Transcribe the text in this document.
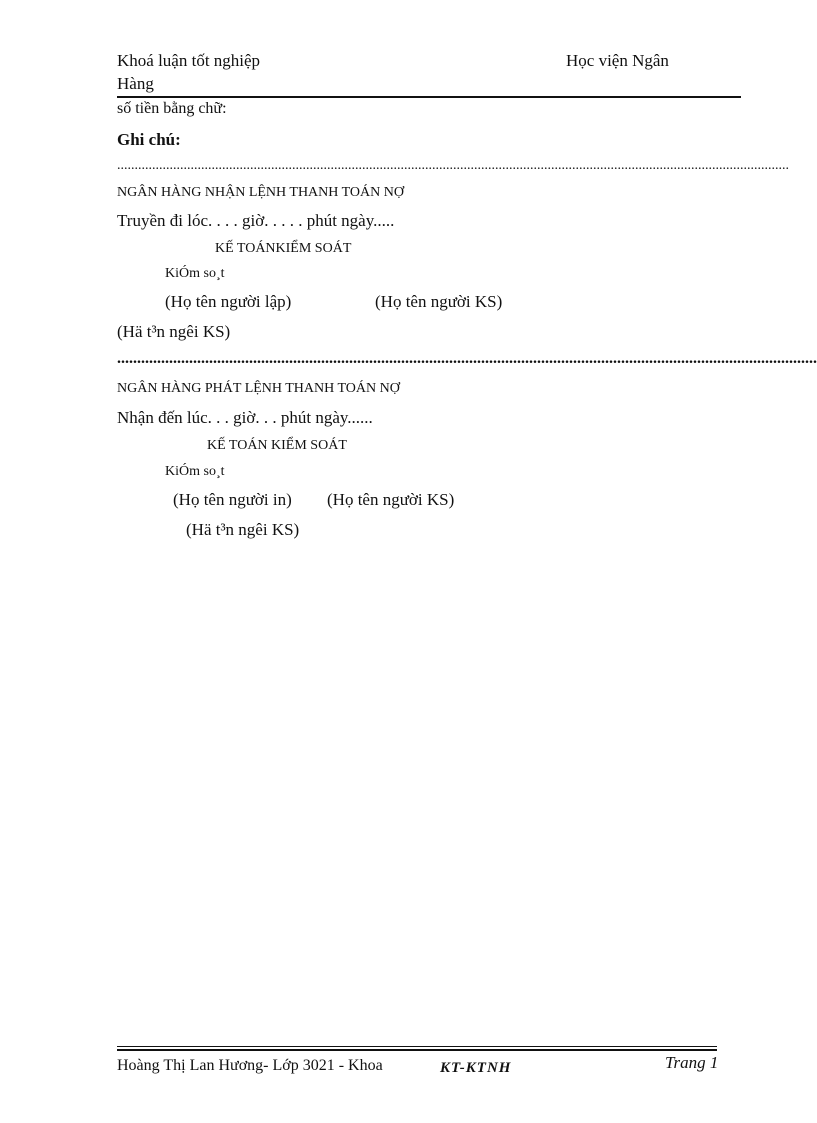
Khoá luận tốt nghiệp	Học viện Ngân
Hàng
số tiền bằng chữ:
Ghi chú:
................................................................................................................................................................................................
NGÂN HÀNG NHẬN LỆNH THANH TOÁN NỢ
Truyền đi lóc. . . . giờ. . . . . phút ngày.....
KẾ TOÁNKIỂM SOÁT
KiÓm so¸t
(Họ tên người lập)	(Họ tên người KS)
(Hä t³n ngêi KS)
...............................................................................................................................................................................
NGÂN HÀNG PHÁT LỆNH THANH TOÁN NỢ
Nhận đến lúc. . . giờ. . . phút ngày......
KẾ TOÁN KIỂM SOÁT
KiÓm so¸t
(Họ tên người in) (Họ tên người KS)
(Hä t³n ngêi KS)
Hoàng Thị Lan Hương- Lớp 3021 - Khoa	KT-KTNH	Trang 1
